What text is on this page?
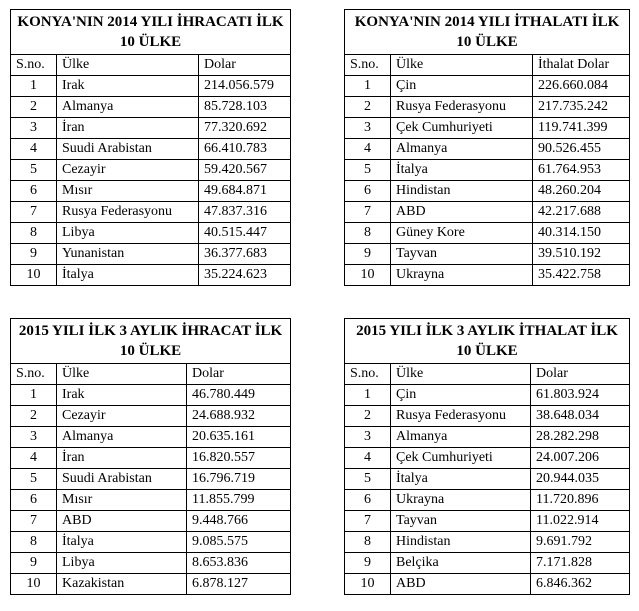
KONYA'NIN 2014 YILI İHRACATI İLK 10 ÜLKE		
S.no.	Ülke	Dolar
1	Irak	214.056.579
2	Almanya	85.728.103
3	İran	77.320.692
4	Suudi Arabistan	66.410.783
5	Cezayir	59.420.567
6	Mısır	49.684.871
7	Rusya Federasyonu	47.837.316
8	Libya	40.515.447
9	Yunanistan	36.377.683
10	İtalya	35.224.623
KONYA'NIN 2014 YILI İTHALATI İLK 10 ÜLKE		
S.no.	Ülke	İthalat Dolar
1	Çin	226.660.084
2	Rusya Federasyonu	217.735.242
3	Çek Cumhuriyeti	119.741.399
4	Almanya	90.526.455
5	İtalya	61.764.953
6	Hindistan	48.260.204
7	ABD	42.217.688
8	Güney Kore	40.314.150
9	Tayvan	39.510.192
10	Ukrayna	35.422.758
2015 YILI İLK 3 AYLIK İHRACAT İLK 10 ÜLKE		
S.no.	Ülke	Dolar
1	Irak	46.780.449
2	Cezayir	24.688.932
3	Almanya	20.635.161
4	İran	16.820.557
5	Suudi Arabistan	16.796.719
6	Mısır	11.855.799
7	ABD	9.448.766
8	İtalya	9.085.575
9	Libya	8.653.836
10	Kazakistan	6.878.127
2015 YILI İLK 3 AYLIK İTHALAT İLK 10 ÜLKE		
S.no.	Ülke	Dolar
1	Çin	61.803.924
2	Rusya Federasyonu	38.648.034
3	Almanya	28.282.298
4	Çek Cumhuriyeti	24.007.206
5	İtalya	20.944.035
6	Ukrayna	11.720.896
7	Tayvan	11.022.914
8	Hindistan	9.691.792
9	Belçika	7.171.828
10	ABD	6.846.362
